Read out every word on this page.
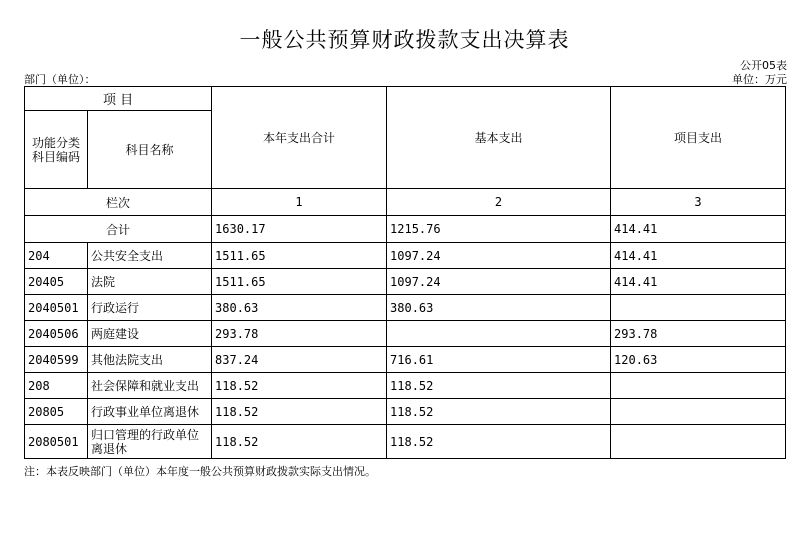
一般公共预算财政拨款支出决算表
公开05表
部门（单位）：	单位：万元
项 目		本年支出合计	基本支出	项目支出
功能分类科目编码	科目名称			
栏次		1	2	3
合计		1630.17	1215.76	414.41
204	公共安全支出	1511.65	1097.24	414.41
20405	法院	1511.65	1097.24	414.41
2040501	行政运行	380.63	380.63	
2040506	两庭建设	293.78		293.78
2040599	其他法院支出	837.24	716.61	120.63
208	社会保障和就业支出	118.52	118.52	
20805	行政事业单位离退休	118.52	118.52	
2080501	归口管理的行政单位离退休	118.52	118.52	
注：本表反映部门（单位）本年度一般公共预算财政拨款实际支出情况。
